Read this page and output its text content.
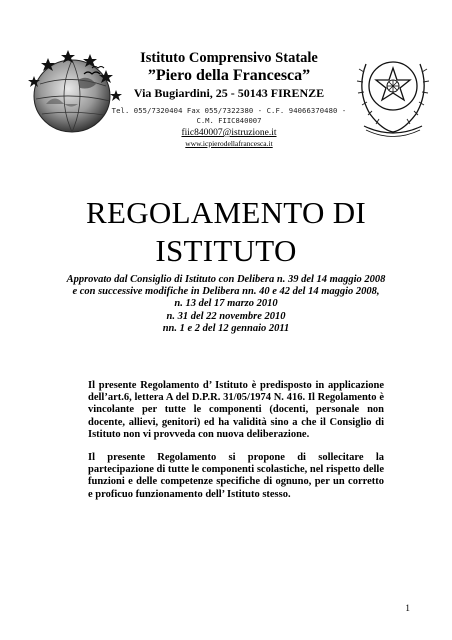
Istituto Comprensivo Statale
”Piero della Francesca”
Via Bugiardini, 25 - 50143 FIRENZE
Tel. 055/7320404 Fax 055/7322380 - C.F. 94066370480 -
C.M. FIIC840007
fiic840007@istruzione.it
www.icpierodellafrancesca.it
REGOLAMENTO DI
ISTITUTO
Approvato dal Consiglio di Istituto con Delibera n. 39 del 14 maggio 2008
e con successive modifiche in Delibera nn. 40 e 42 del 14 maggio 2008,
n. 13 del 17 marzo 2010
n. 31 del 22 novembre 2010
nn. 1 e 2 del 12 gennaio 2011
Il presente Regolamento d’ Istituto è predisposto in applicazione dell’art.6, lettera A del D.P.R. 31/05/1974 N. 416. Il Regolamento è vincolante per tutte le componenti (docenti, personale non docente, allievi, genitori) ed ha validità sino a che il Consiglio di Istituto non vi provveda con nuova deliberazione.
Il presente Regolamento si propone di sollecitare la partecipazione di tutte le componenti scolastiche, nel rispetto delle funzioni e delle competenze specifiche di ognuno, per un corretto e proficuo funzionamento dell’ Istituto stesso.
1
